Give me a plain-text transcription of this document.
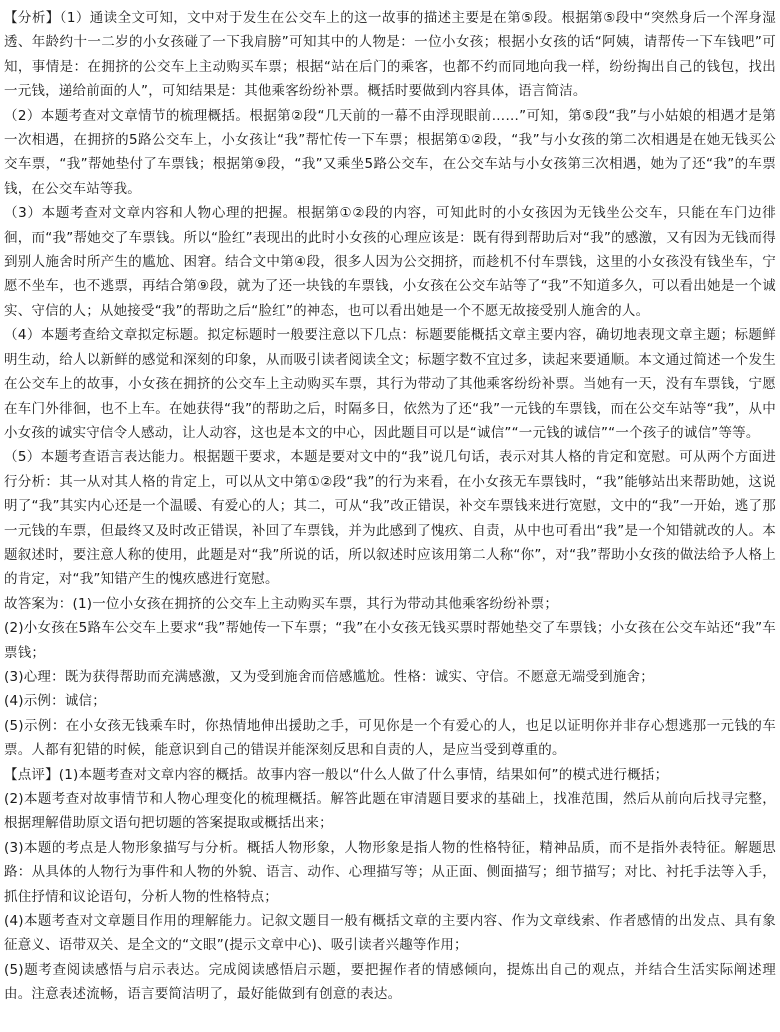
【分析】（1）通读全文可知，文中对于发生在公交车上的这一故事的描述主要是在第⑤段。根据第⑤段中“突然身后一个浑身湿透、年龄约十一二岁的小女孩碰了一下我肩膀”可知其中的人物是：一位小女孩；根据小女孩的话“阿姨，请帮传一下车钱吧”可知，事情是：在拥挤的公交车上主动购买车票；根据“站在后门的乘客，也都不约而同地向我一样，纷纷掏出自己的钱包，找出一元钱，递给前面的人”，可知结果是：其他乘客纷纷补票。概括时要做到内容具体，语言简洁。

（2）本题考查对文章情节的梳理概括。根据第②段“几天前的一幕不由浮现眼前……”可知，第⑤段“我”与小姑娘的相遇才是第一次相遇，在拥挤的5路公交车上，小女孩让“我”帮忙传一下车票；根据第①②段，“我”与小女孩的第二次相遇是在她无钱买公交车票，“我”帮她垫付了车票钱；根据第⑨段，“我”又乘坐5路公交车，在公交车站与小女孩第三次相遇，她为了还“我”的车票钱，在公交车站等我。

（3）本题考查对文章内容和人物心理的把握。根据第①②段的内容，可知此时的小女孩因为无钱坐公交车，只能在车门边徘徊，而“我”帮她交了车票钱。所以“脸红”表现出的此时小女孩的心理应该是：既有得到帮助后对“我”的感激，又有因为无钱而得到别人施舍时所产生的尴尬、困窘。结合文中第④段，很多人因为公交拥挤，而趁机不付车票钱，这里的小女孩没有钱坐车，宁愿不坐车，也不逃票，再结合第⑨段，就为了还一块钱的车票钱，小女孩在公交车站等了“我”不知道多久，可以看出她是一个诚实、守信的人；从她接受“我”的帮助之后“脸红”的神态，也可以看出她是一个不愿无故接受别人施舍的人。

（4）本题考查给文章拟定标题。拟定标题时一般要注意以下几点：标题要能概括文章主要内容，确切地表现文章主题；标题鲜明生动，给人以新鲜的感觉和深刻的印象，从而吸引读者阅读全文；标题字数不宜过多，读起来要通顺。本文通过简述一个发生在公交车上的故事，小女孩在拥挤的公交车上主动购买车票，其行为带动了其他乘客纷纷补票。当她有一天，没有车票钱，宁愿在车门外徘徊，也不上车。在她获得“我”的帮助之后，时隔多日，依然为了还“我”一元钱的车票钱，而在公交车站等“我”，从中小女孩的诚实守信令人感动，让人动容，这也是本文的中心，因此题目可以是“诚信”“一元钱的诚信”“一个孩子的诚信”等等。

（5）本题考查语言表达能力。根据题干要求，本题是要对文中的“我”说几句话，表示对其人格的肯定和宽慰。可从两个方面进行分析：其一从对其人格的肯定上，可以从文中第①②段“我”的行为来看，在小女孩无车票钱时，“我”能够站出来帮助她，这说明了“我”其实内心还是一个温暖、有爱心的人；其二，可从“我”改正错误，补交车票钱来进行宽慰，文中的“我”一开始，逃了那一元钱的车票，但最终又及时改正错误，补回了车票钱，并为此感到了愧疚、自责，从中也可看出“我”是一个知错就改的人。本题叙述时，要注意人称的使用，此题是对“我”所说的话，所以叙述时应该用第二人称“你”，对“我”帮助小女孩的做法给予人格上的肯定，对“我”知错产生的愧疚感进行宽慰。

故答案为：(1)一位小女孩在拥挤的公交车上主动购买车票，其行为带动其他乘客纷纷补票；

(2)小女孩在5路车公交车上要求“我”帮她传一下车票；“我”在小女孩无钱买票时帮她垫交了车票钱；小女孩在公交车站还“我”车票钱；

(3)心理：既为获得帮助而充满感激，又为受到施舍而倍感尴尬。性格：诚实、守信。不愿意无端受到施舍；

(4)示例：诚信；

(5)示例：在小女孩无钱乘车时，你热情地伸出援助之手，可见你是一个有爱心的人，也足以证明你并非存心想逃那一元钱的车票。人都有犯错的时候，能意识到自己的错误并能深刻反思和自责的人，是应当受到尊重的。

【点评】(1)本题考查对文章内容的概括。故事内容一般以“什么人做了什么事情，结果如何”的模式进行概括；

(2)本题考查对故事情节和人物心理变化的梳理概括。解答此题在审清题目要求的基础上，找准范围，然后从前向后找寻完整，根据理解借助原文语句把切题的答案提取或概括出来；

(3)本题的考点是人物形象描写与分析。概括人物形象，人物形象是指人物的性格特征，精神品质，而不是指外表特征。解题思路：从具体的人物行为事件和人物的外貌、语言、动作、心理描写等；从正面、侧面描写；细节描写；对比、衬托手法等入手，抓住抒情和议论语句，分析人物的性格特点；

(4)本题考查对文章题目作用的理解能力。记叙文题目一般有概括文章的主要内容、作为文章线索、作者感情的出发点、具有象征意义、语带双关、是全文的“文眼”(提示文章中心)、吸引读者兴趣等作用；

(5)题考查阅读感悟与启示表达。完成阅读感悟启示题，要把握作者的情感倾向，提炼出自己的观点，并结合生活实际阐述理由。注意表述流畅，语言要简洁明了，最好能做到有创意的表达。
